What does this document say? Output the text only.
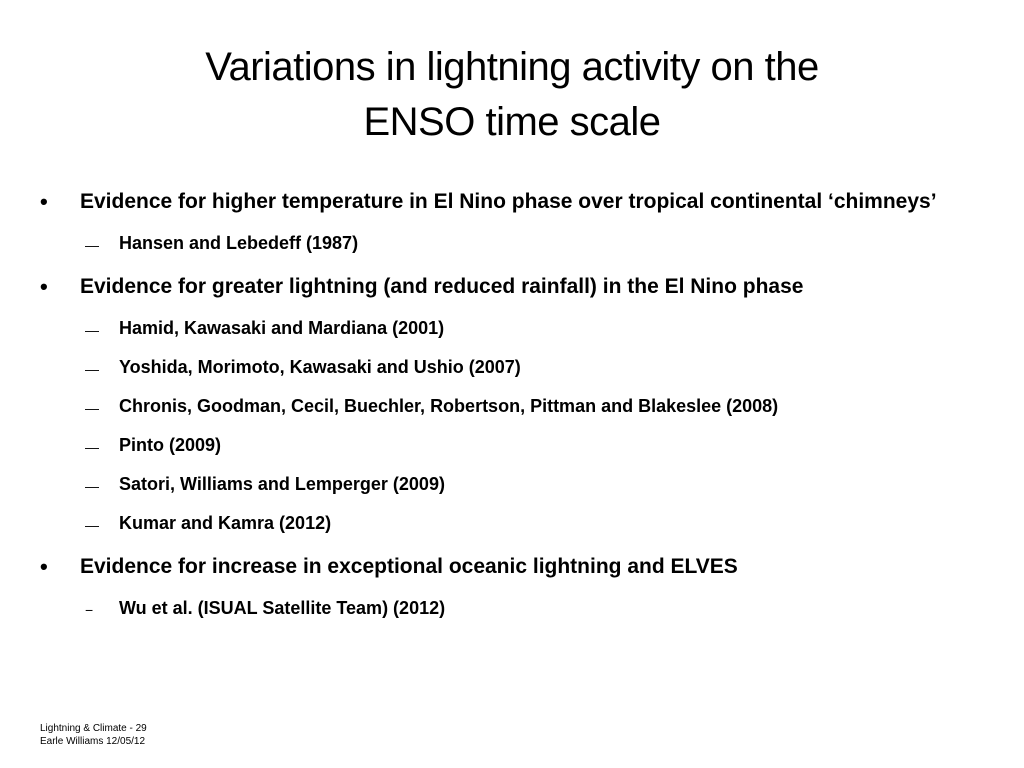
Variations in lightning activity on the
ENSO time scale
•	Evidence for higher temperature in El Nino phase over tropical continental ‘chimneys’
—	Hansen and Lebedeff (1987)
•	Evidence for greater lightning (and reduced rainfall) in the El Nino phase
—	Hamid, Kawasaki and Mardiana (2001)
—	Yoshida, Morimoto, Kawasaki and Ushio (2007)
—	Chronis, Goodman, Cecil, Buechler, Robertson, Pittman and Blakeslee (2008)
—	Pinto (2009)
—	Satori, Williams and Lemperger (2009)
—	Kumar and Kamra (2012)
•	Evidence for increase in exceptional oceanic lightning and ELVES
−	Wu et al. (ISUAL Satellite Team) (2012)
Lightning & Climate - 29
Earle Williams 12/05/12
